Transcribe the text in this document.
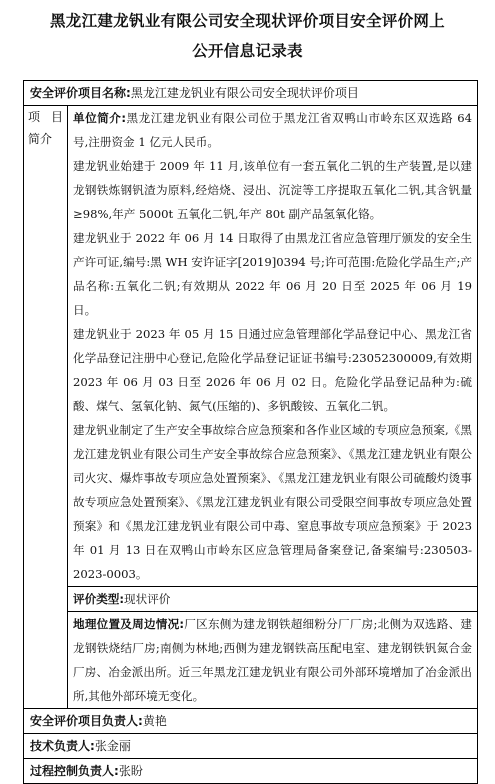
黑龙江建龙钒业有限公司安全现状评价项目安全评价网上
公开信息记录表
安全评价项目名称:黑龙江建龙钒业有限公司安全现状评价项目
项 目 简介
单位简介:黑龙江建龙钒业有限公司位于黑龙江省双鸭山市岭东区双选路 64 号,注册资金 1 亿元人民币。
建龙钒业始建于 2009 年 11 月,该单位有一套五氧化二钒的生产装置,是以建龙钢铁炼钢钒渣为原料,经焙烧、浸出、沉淀等工序提取五氧化二钒,其含钒量≥98%,年产 5000t 五氧化二钒,年产 80t 副产品氢氧化铬。
建龙钒业于 2022 年 06 月 14 日取得了由黑龙江省应急管理厅颁发的安全生产许可证,编号:黑 WH 安许证字[2019]0394 号;许可范围:危险化学品生产;产品名称:五氧化二钒;有效期从 2022 年 06 月 20 日至 2025 年 06 月 19 日。
建龙钒业于 2023 年 05 月 15 日通过应急管理部化学品登记中心、黑龙江省化学品登记注册中心登记,危险化学品登记证证书编号:23052300009,有效期 2023 年 06 月 03 日至 2026 年 06 月 02 日。危险化学品登记品种为:硫酸、煤气、氢氧化钠、氮气(压缩的)、多钒酸铵、五氧化二钒。
建龙钒业制定了生产安全事故综合应急预案和各作业区域的专项应急预案,《黑龙江建龙钒业有限公司生产安全事故综合应急预案》、《黑龙江建龙钒业有限公司火灾、爆炸事故专项应急处置预案》、《黑龙江建龙钒业有限公司硫酸灼烫事故专项应急处置预案》、《黑龙江建龙钒业有限公司受限空间事故专项应急处置预案》和《黑龙江建龙钒业有限公司中毒、窒息事故专项应急预案》于 2023 年 01 月 13 日在双鸭山市岭东区应急管理局备案登记,备案编号:230503-2023-0003。
评价类型:现状评价
地理位置及周边情况:厂区东侧为建龙钢铁超细粉分厂厂房;北侧为双选路、建龙钢铁烧结厂房;南侧为林地;西侧为建龙钢铁高压配电室、建龙钢铁钒氮合金厂房、冶金派出所。近三年黑龙江建龙钒业有限公司外部环境增加了冶金派出所,其他外部环境无变化。
安全评价项目负责人:黄艳
技术负责人:张金丽
过程控制负责人:张盼
